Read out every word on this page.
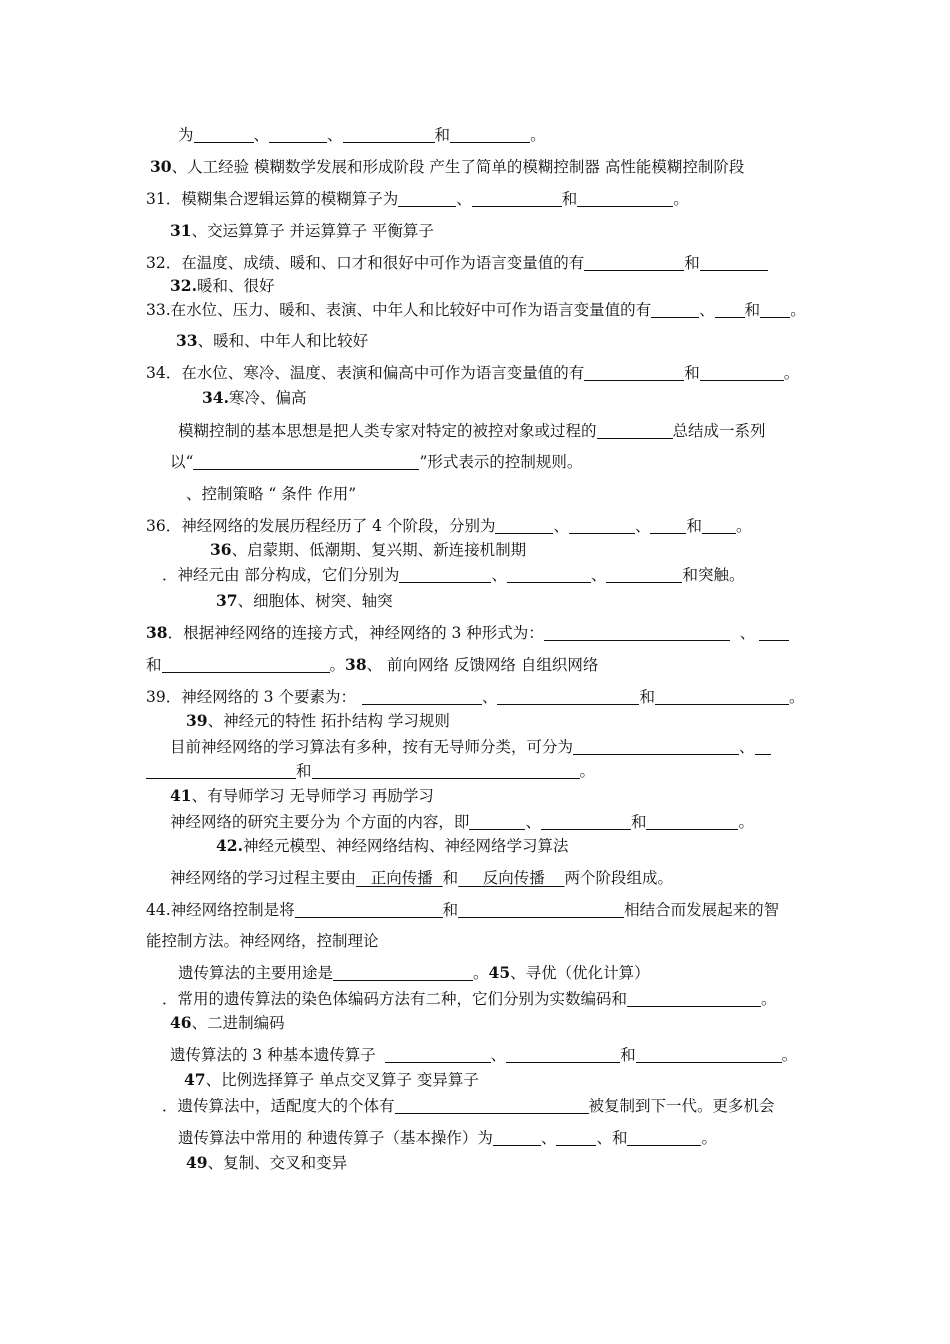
为	、	、	和	。
30、人工经验 模糊数学发展和形成阶段 产生了简单的模糊控制器 高性能模糊控制阶段
31．模糊集合逻辑运算的模糊算子为	、	和	。
31、交运算算子 并运算算子 平衡算子
32．在温度、成绩、暖和、口才和很好中可作为语言变量值的有	和
32.暖和、很好
33.在水位、压力、暖和、表演、中年人和比较好中可作为语言变量值的有	、 和 。
33、暖和、中年人和比较好
34．在水位、寒冷、温度、表演和偏高中可作为语言变量值的有	和	。
34.寒冷、偏高
模糊控制的基本思想是把人类专家对特定的被控对象或过程的	总结成一系列
以“	”形式表示的控制规则。
、控制策略 “ 条件 作用”
36．神经网络的发展历程经历了 4 个阶段，分别为	、	、 和 。
36、启蒙期、低潮期、复兴期、新连接机制期
．神经元由 部分构成，它们分别为	、	、	和突触。
37、细胞体、树突、轴突
38．根据神经网络的连接方式，神经网络的 3 种形式为：	、
和	。38、 前向网络 反馈网络 自组织网络
39．神经网络的 3 个要素为：	、	和	。
39、神经元的特性 拓扑结构 学习规则
目前神经网络的学习算法有多种，按有无导师分类，可分为	、
和	。
41、有导师学习 无导师学习 再励学习
神经网络的研究主要分为 个方面的内容，即	、	和	。
42.神经元模型、神经网络结构、神经网络学习算法
神经网络的学习过程主要由   正向传播  和     反向传播    两个阶段组成。
44.神经网络控制是将	和	相结合而发展起来的智
能控制方法。神经网络，控制理论
遗传算法的主要用途是	。45、寻优（优化计算）
．常用的遗传算法的染色体编码方法有二种，它们分别为实数编码和	。
46、二进制编码
遗传算法的 3 种基本遗传算子	、	和	。
47、比例选择算子 单点交叉算子 变异算子
．遗传算法中，适配度大的个体有	被复制到下一代。更多机会
遗传算法中常用的 种遗传算子（基本操作）为	、	、和	。
49、复制、交叉和变异
